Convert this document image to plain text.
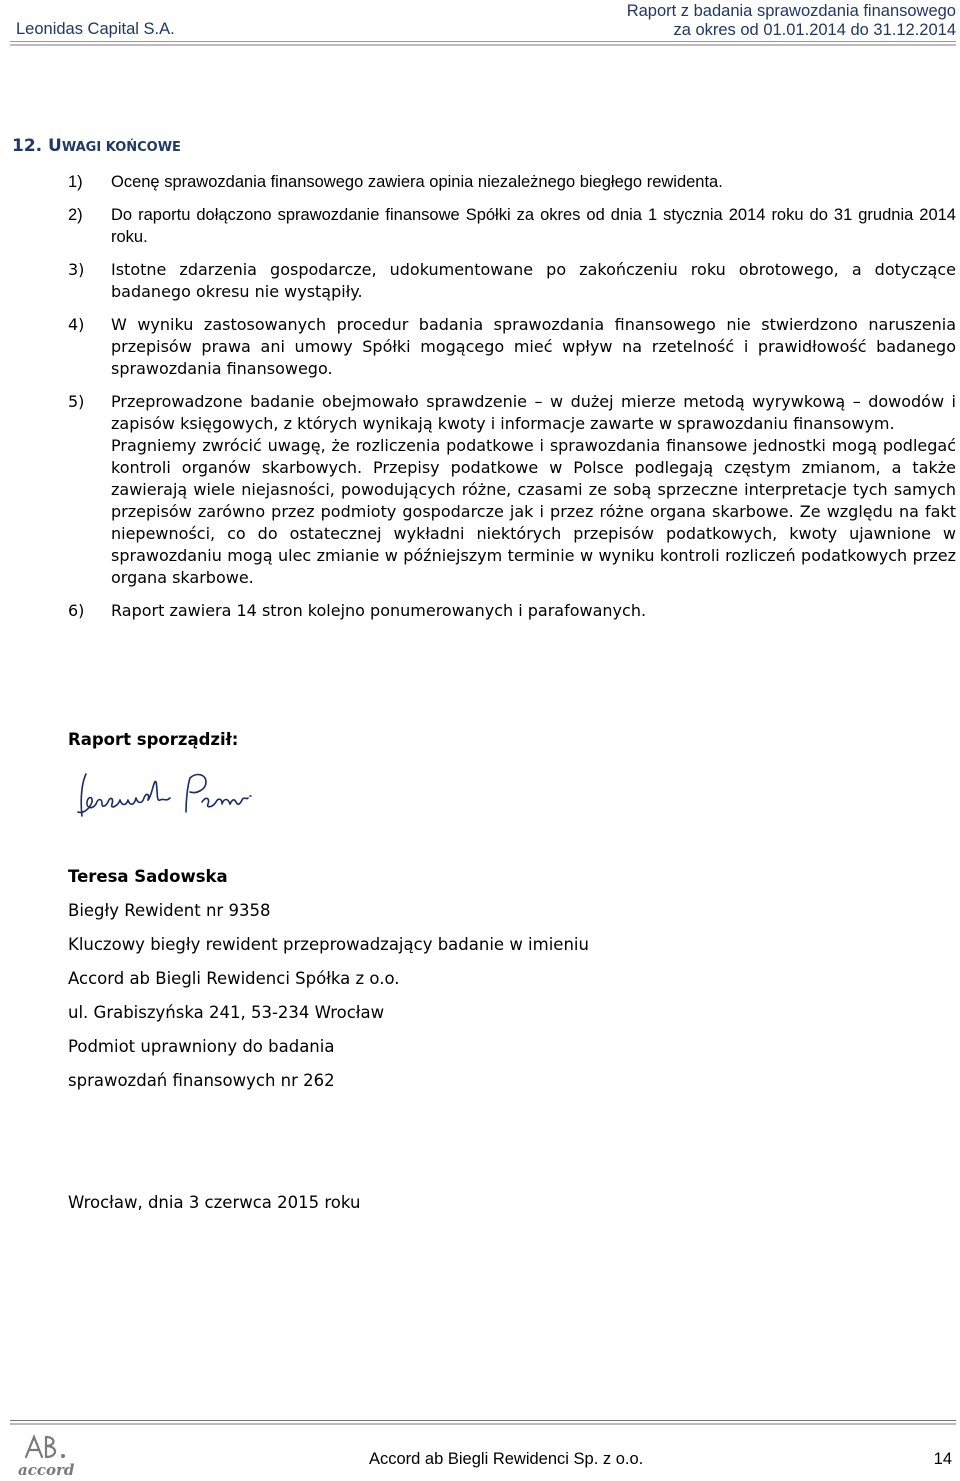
Leonidas Capital S.A.
Raport z badania sprawozdania finansowego
za okres od 01.01.2014 do 31.12.2014
12. UWAGI KOŃCOWE
1) Ocenę sprawozdania finansowego zawiera opinia niezależnego biegłego rewidenta.

2) Do raportu dołączono sprawozdanie finansowe Spółki za okres od dnia 1 stycznia 2014 roku do 31 grudnia 2014 roku.

3) Istotne zdarzenia gospodarcze, udokumentowane po zakończeniu roku obrotowego, a dotyczące badanego okresu nie wystąpiły.

4) W wyniku zastosowanych procedur badania sprawozdania finansowego nie stwierdzono naruszenia przepisów prawa ani umowy Spółki mogącego mieć wpływ na rzetelność i prawidłowość badanego sprawozdania finansowego.

5) Przeprowadzone badanie obejmowało sprawdzenie – w dużej mierze metodą wyrywkową – dowodów i zapisów księgowych, z których wynikają kwoty i informacje zawarte w sprawozdaniu finansowym.

Pragniemy zwrócić uwagę, że rozliczenia podatkowe i sprawozdania finansowe jednostki mogą podlegać kontroli organów skarbowych. Przepisy podatkowe w Polsce podlegają częstym zmianom, a także zawierają wiele niejasności, powodujących różne, czasami ze sobą sprzeczne interpretacje tych samych przepisów zarówno przez podmioty gospodarcze jak i przez różne organa skarbowe. Ze względu na fakt niepewności, co do ostatecznej wykładni niektórych przepisów podatkowych, kwoty ujawnione w sprawozdaniu mogą ulec zmianie w późniejszym terminie w wyniku kontroli rozliczeń podatkowych przez organa skarbowe.

6) Raport zawiera 14 stron kolejno ponumerowanych i parafowanych.

Raport sporządził:
Teresa Sadowska
Biegły Rewident nr 9358
Kluczowy biegły rewident przeprowadzający badanie w imieniu
Accord ab Biegli Rewidenci Spółka z o.o.
ul. Grabiszyńska 241, 53-234 Wrocław
Podmiot uprawniony do badania
sprawozdań finansowych nr 262
Wrocław, dnia 3 czerwca 2015 roku
accord
Accord ab Biegli Rewidenci Sp. z o.o.	14
